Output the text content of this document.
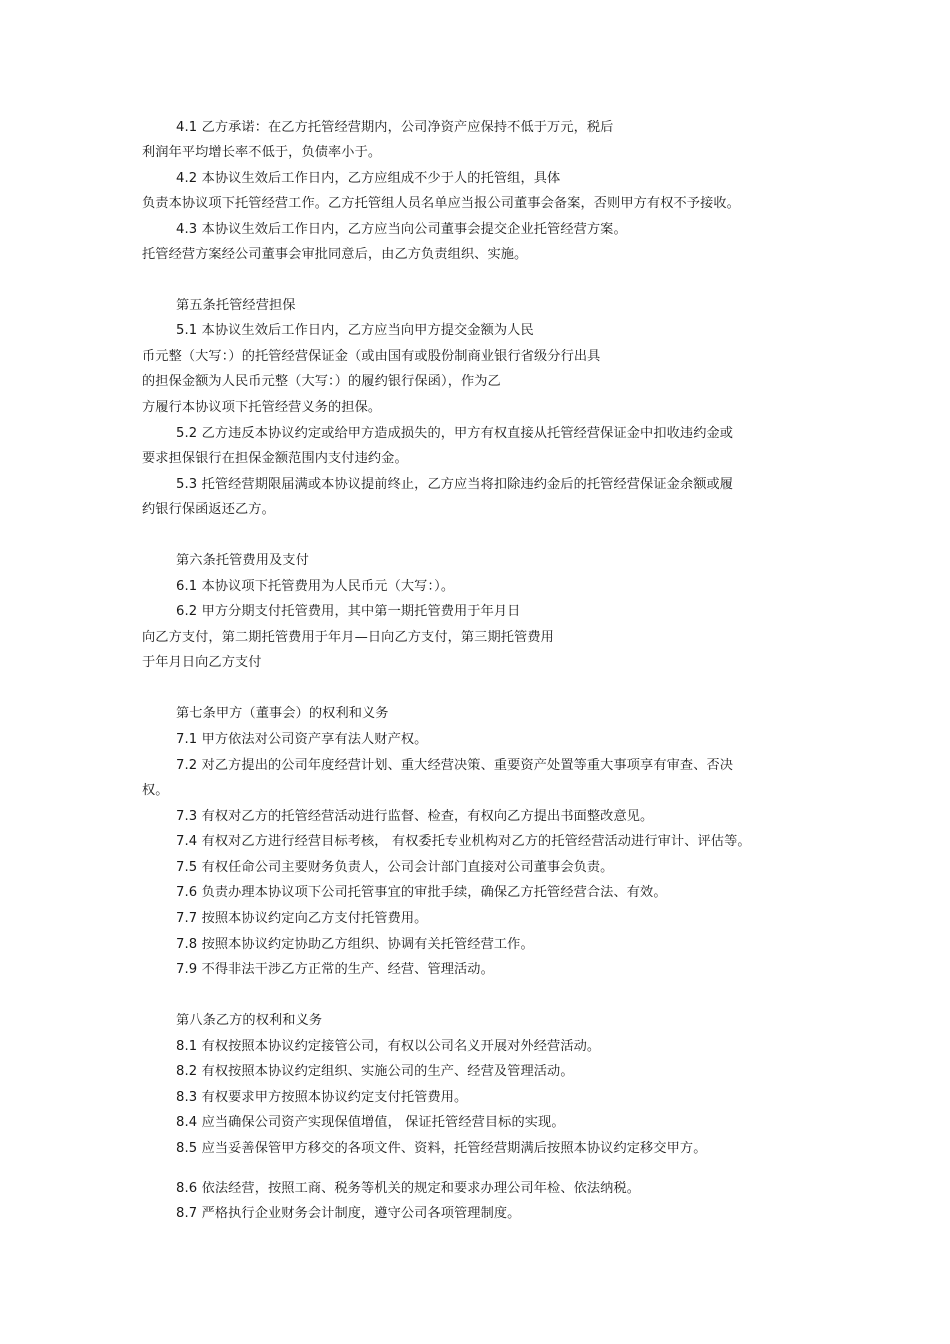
4.1 乙方承诺：在乙方托管经营期内，公司净资产应保持不低于万元，税后
利润年平均增长率不低于，负债率小于。
4.2 本协议生效后工作日内，乙方应组成不少于人的托管组，具体
负责本协议项下托管经营工作。乙方托管组人员名单应当报公司董事会备案，否则甲方有权不予接收。
4.3 本协议生效后工作日内，乙方应当向公司董事会提交企业托管经营方案。
托管经营方案经公司董事会审批同意后，由乙方负责组织、实施。
第五条托管经营担保
5.1 本协议生效后工作日内，乙方应当向甲方提交金额为人民
币元整（大写：）的托管经营保证金（或由国有或股份制商业银行省级分行出具
的担保金额为人民币元整（大写：）的履约银行保函），作为乙
方履行本协议项下托管经营义务的担保。
5.2 乙方违反本协议约定或给甲方造成损失的，甲方有权直接从托管经营保证金中扣收违约金或
要求担保银行在担保金额范围内支付违约金。
5.3 托管经营期限届满或本协议提前终止，乙方应当将扣除违约金后的托管经营保证金余额或履
约银行保函返还乙方。
第六条托管费用及支付
6.1 本协议项下托管费用为人民币元（大写：）。
6.2 甲方分期支付托管费用，其中第一期托管费用于年月日
向乙方支付，第二期托管费用于年月—日向乙方支付，第三期托管费用
于年月日向乙方支付
第七条甲方（董事会）的权利和义务
7.1 甲方依法对公司资产享有法人财产权。
7.2 对乙方提出的公司年度经营计划、重大经营决策、重要资产处置等重大事项享有审查、否决
权。
7.3 有权对乙方的托管经营活动进行监督、检查，有权向乙方提出书面整改意见。
7.4 有权对乙方进行经营目标考核， 有权委托专业机构对乙方的托管经营活动进行审计、评估等。
7.5 有权任命公司主要财务负责人，公司会计部门直接对公司董事会负责。
7.6 负责办理本协议项下公司托管事宜的审批手续，确保乙方托管经营合法、有效。
7.7 按照本协议约定向乙方支付托管费用。
7.8 按照本协议约定协助乙方组织、协调有关托管经营工作。
7.9 不得非法干涉乙方正常的生产、经营、管理活动。
第八条乙方的权利和义务
8.1 有权按照本协议约定接管公司，有权以公司名义开展对外经营活动。
8.2 有权按照本协议约定组织、实施公司的生产、经营及管理活动。
8.3 有权要求甲方按照本协议约定支付托管费用。
8.4 应当确保公司资产实现保值增值， 保证托管经营目标的实现。
8.5 应当妥善保管甲方移交的各项文件、资料，托管经营期满后按照本协议约定移交甲方。
8.6 依法经营，按照工商、税务等机关的规定和要求办理公司年检、依法纳税。
8.7 严格执行企业财务会计制度，遵守公司各项管理制度。
